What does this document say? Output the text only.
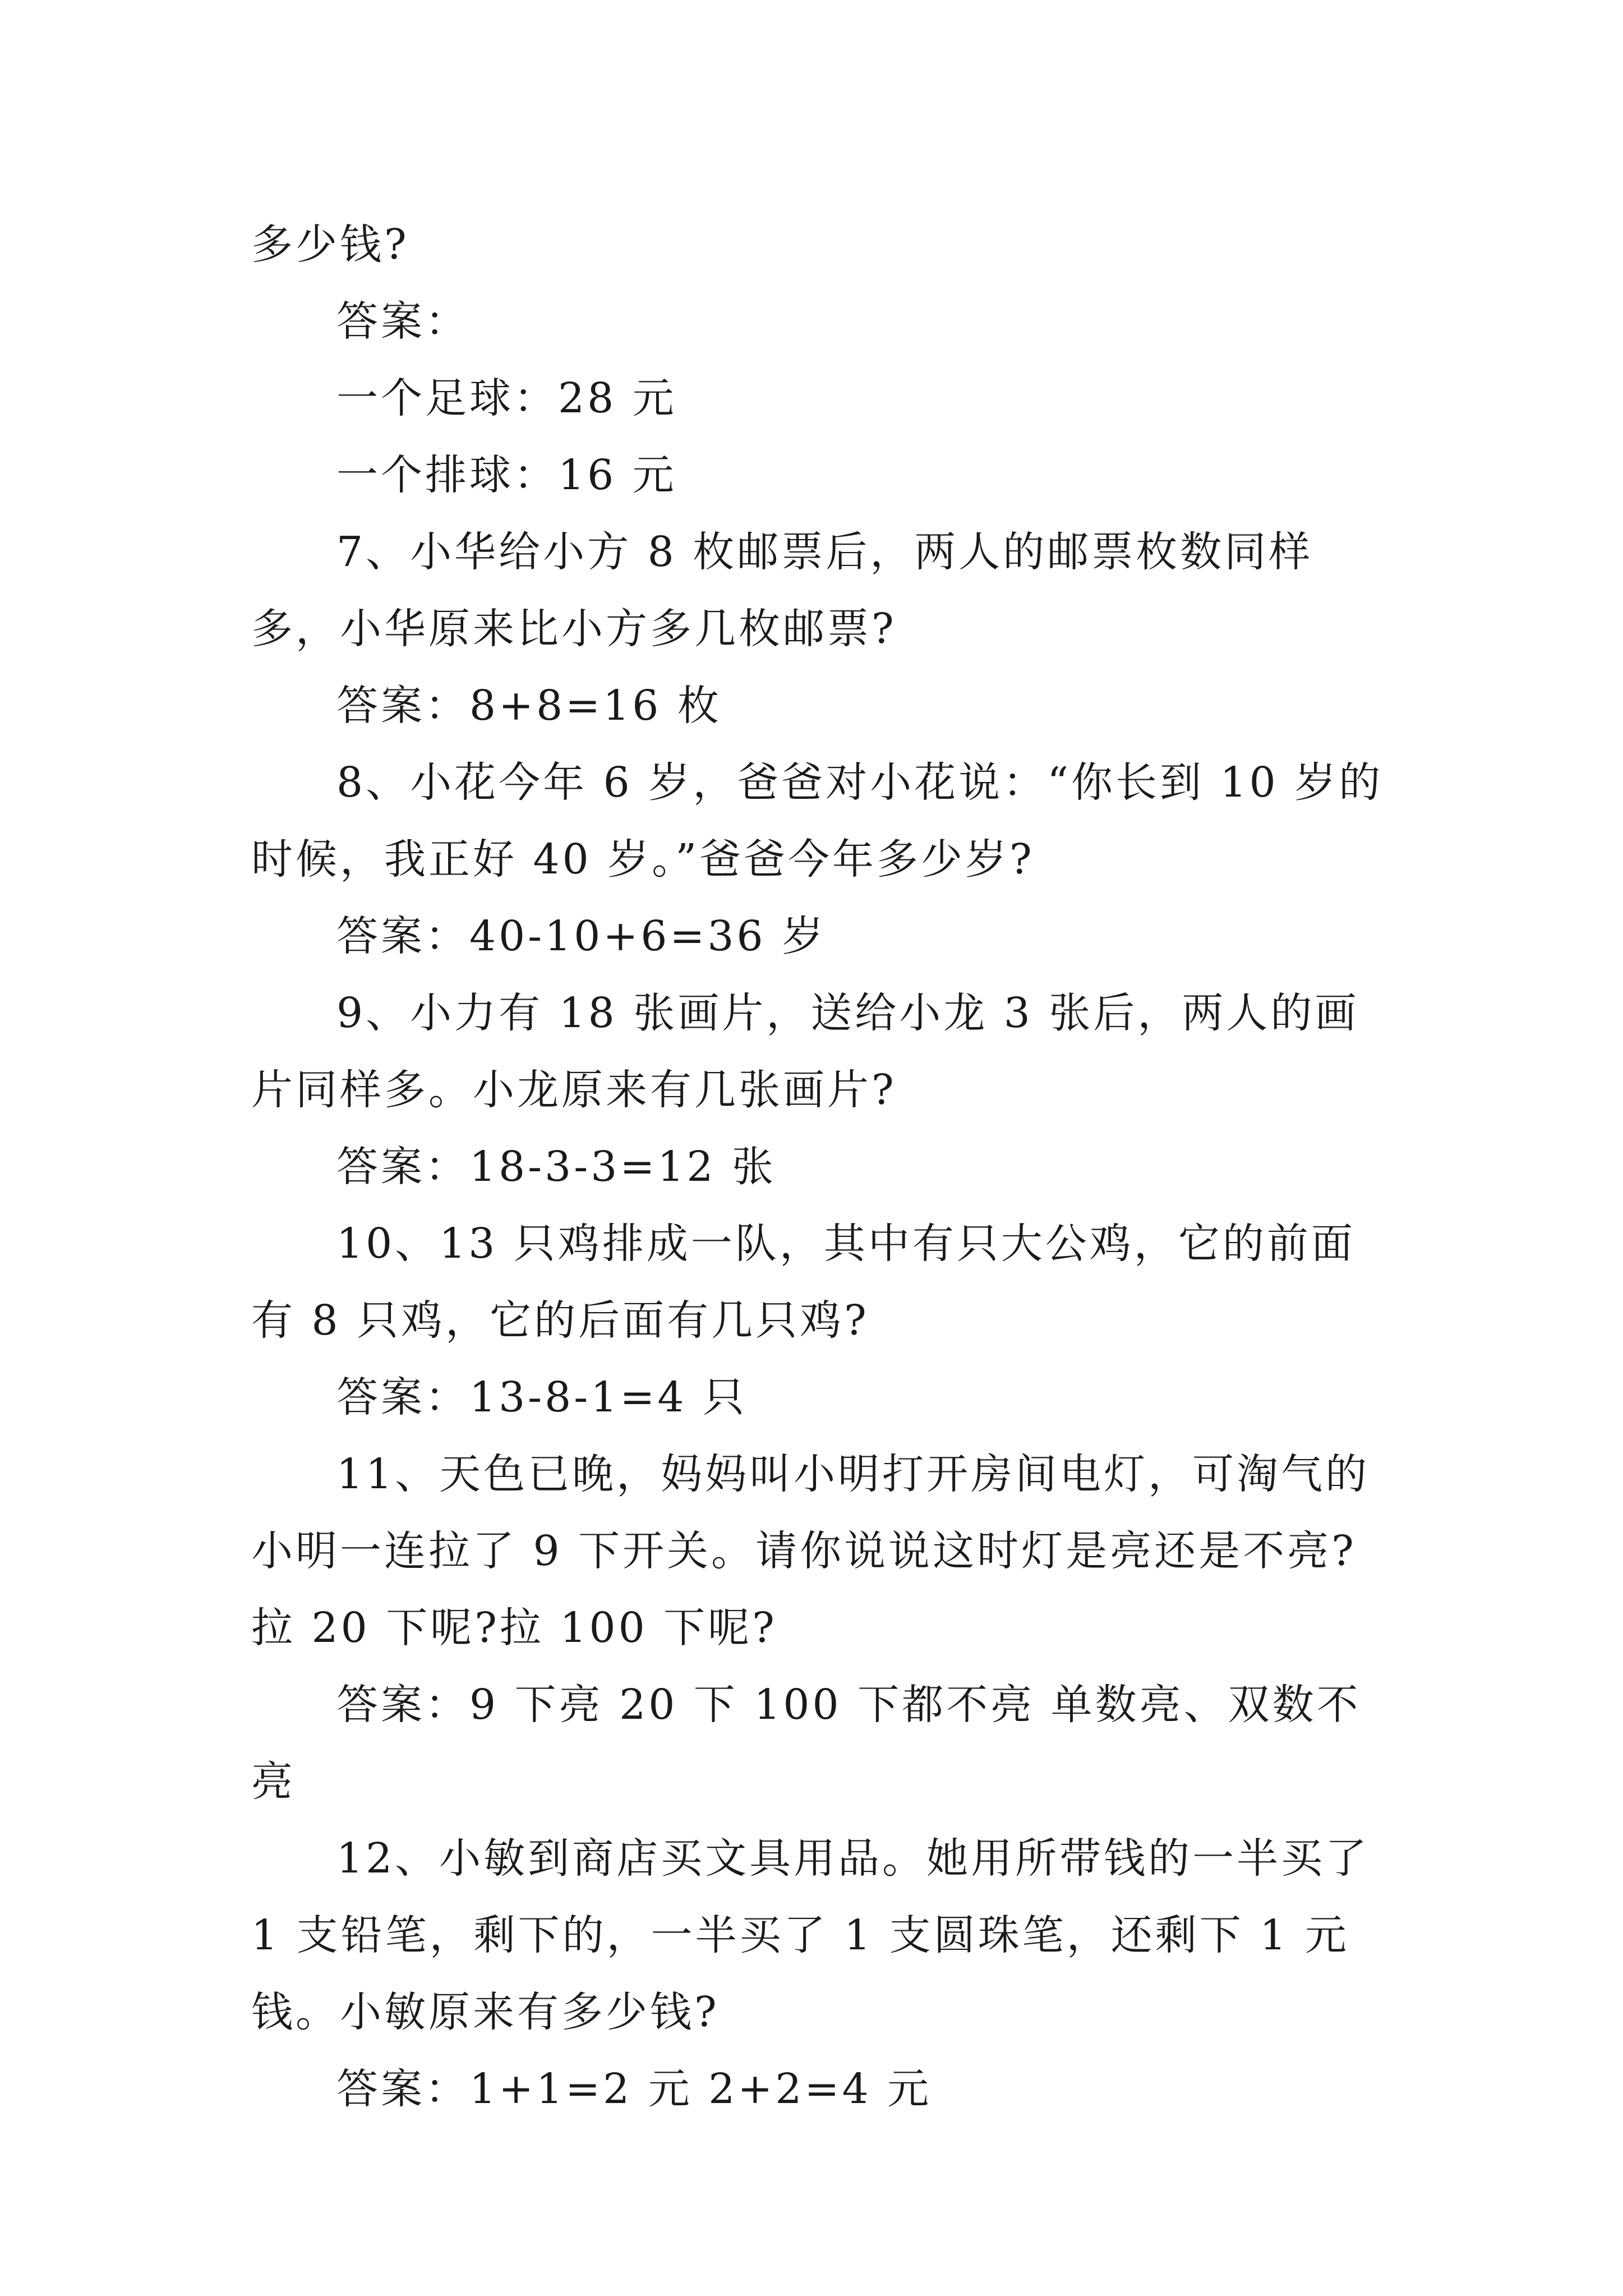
多少钱?

答案：

一个足球：28 元

一个排球：16 元

7、小华给小方 8 枚邮票后，两人的邮票枚数同样多，小华原来比小方多几枚邮票?

答案：8+8=16 枚

8、小花今年 6 岁，爸爸对小花说：“你长到 10 岁的时候，我正好 40 岁。”爸爸今年多少岁?

答案：40-10+6=36 岁

9、小力有 18 张画片，送给小龙 3 张后，两人的画片同样多。小龙原来有几张画片?

答案：18-3-3=12 张

10、13 只鸡排成一队，其中有只大公鸡，它的前面有 8 只鸡，它的后面有几只鸡?

答案：13-8-1=4 只

11、天色已晚，妈妈叫小明打开房间电灯，可淘气的小明一连拉了 9 下开关。请你说说这时灯是亮还是不亮?拉 20 下呢?拉 100 下呢?

答案：9 下亮 20 下 100 下都不亮 单数亮、双数不亮

12、小敏到商店买文具用品。她用所带钱的一半买了 1 支铅笔，剩下的，一半买了 1 支圆珠笔，还剩下 1 元钱。小敏原来有多少钱?

答案：1+1=2 元 2+2=4 元
